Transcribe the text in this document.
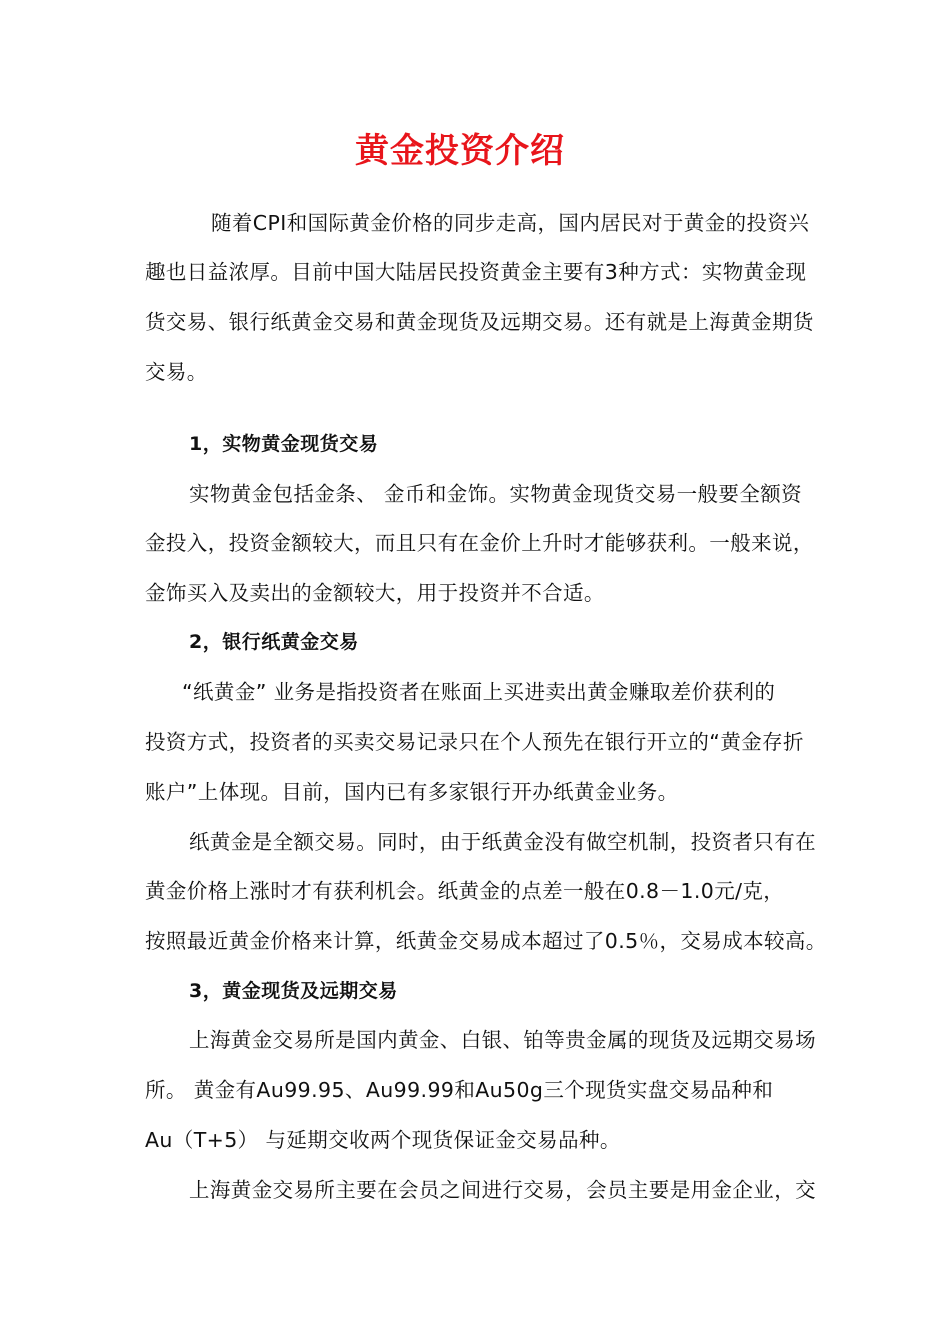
黄金投资介绍
随着CPI和国际黄金价格的同步走高，国内居民对于黄金的投资兴
趣也日益浓厚。目前中国大陆居民投资黄金主要有3种方式：实物黄金现
货交易、银行纸黄金交易和黄金现货及远期交易。还有就是上海黄金期货
交易。
1，实物黄金现货交易
实物黄金包括金条、 金币和金饰。实物黄金现货交易一般要全额资
金投入，投资金额较大，而且只有在金价上升时才能够获利。一般来说，
金饰买入及卖出的金额较大，用于投资并不合适。
2，银行纸黄金交易
“纸黄金” 业务是指投资者在账面上买进卖出黄金赚取差价获利的
投资方式，投资者的买卖交易记录只在个人预先在银行开立的“黄金存折
账户”上体现。目前，国内已有多家银行开办纸黄金业务。
纸黄金是全额交易。同时，由于纸黄金没有做空机制，投资者只有在
黄金价格上涨时才有获利机会。纸黄金的点差一般在0.8－1.0元/克，
按照最近黄金价格来计算，纸黄金交易成本超过了0.5％，交易成本较高。
3，黄金现货及远期交易
上海黄金交易所是国内黄金、白银、铂等贵金属的现货及远期交易场
所。 黄金有Au99.95、Au99.99和Au50g三个现货实盘交易品种和
Au（T+5） 与延期交收两个现货保证金交易品种。
上海黄金交易所主要在会员之间进行交易，会员主要是用金企业，交
